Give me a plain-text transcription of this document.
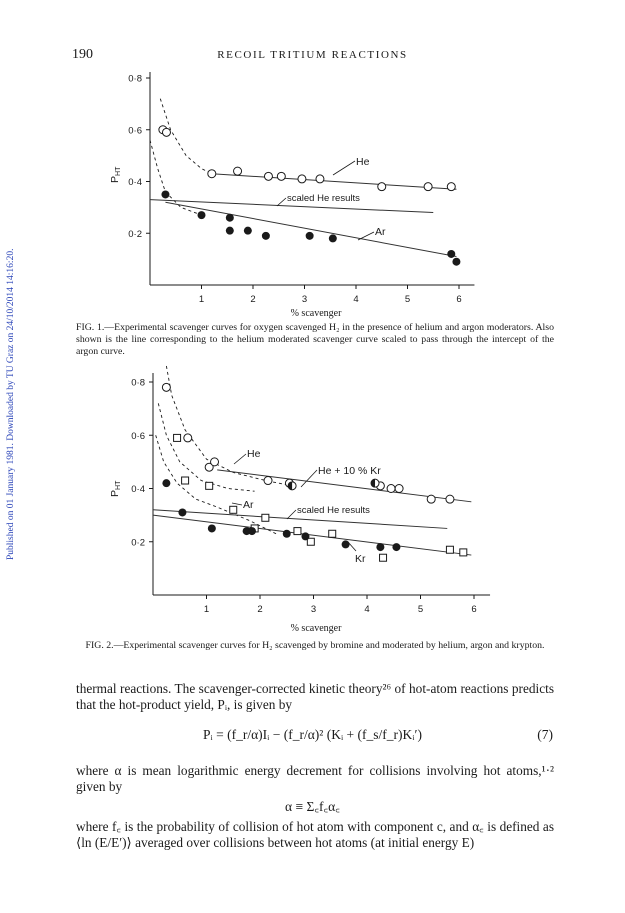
190	RECOIL TRITIUM REACTIONS
Published on 01 January 1981. Downloaded by TU Graz on 24/10/2014 14:16:20.
0·8
0·6
0·4
0·2
1	2	3	4	5	6
PHT
% scavenger
He
Ar
scaled He results
FIG. 1.—Experimental scavenger curves for oxygen scavenged H₂ in the presence of helium and argon moderators. Also shown is the line corresponding to the helium moderated scavenger curve scaled to pass through the intercept of the argon curve.
0·8
0·6
0·4
0·2
1	2	3	4	5	6
PHT
% scavenger
He
He + 10 % Kr
Ar	scaled He results
Kr
FIG. 2.—Experimental scavenger curves for H₂ scavenged by bromine and moderated by helium, argon and krypton.
thermal reactions. The scavenger-corrected kinetic theory²⁶ of hot-atom reactions predicts that the hot-product yield, Pᵢ, is given by
Pᵢ = (f_r/α)Iᵢ − (f_r/α)² (Kᵢ + (f_s/f_r)Kᵢ′)	(7)
where α is mean logarithmic energy decrement for collisions involving hot atoms,¹·² given by
α ≡ Σ꜀f꜀α꜀
where f꜀ is the probability of collision of hot atom with component c, and α꜀ is defined as ⟨ln (E/E′)⟩ averaged over collisions between hot atoms (at initial energy E)
